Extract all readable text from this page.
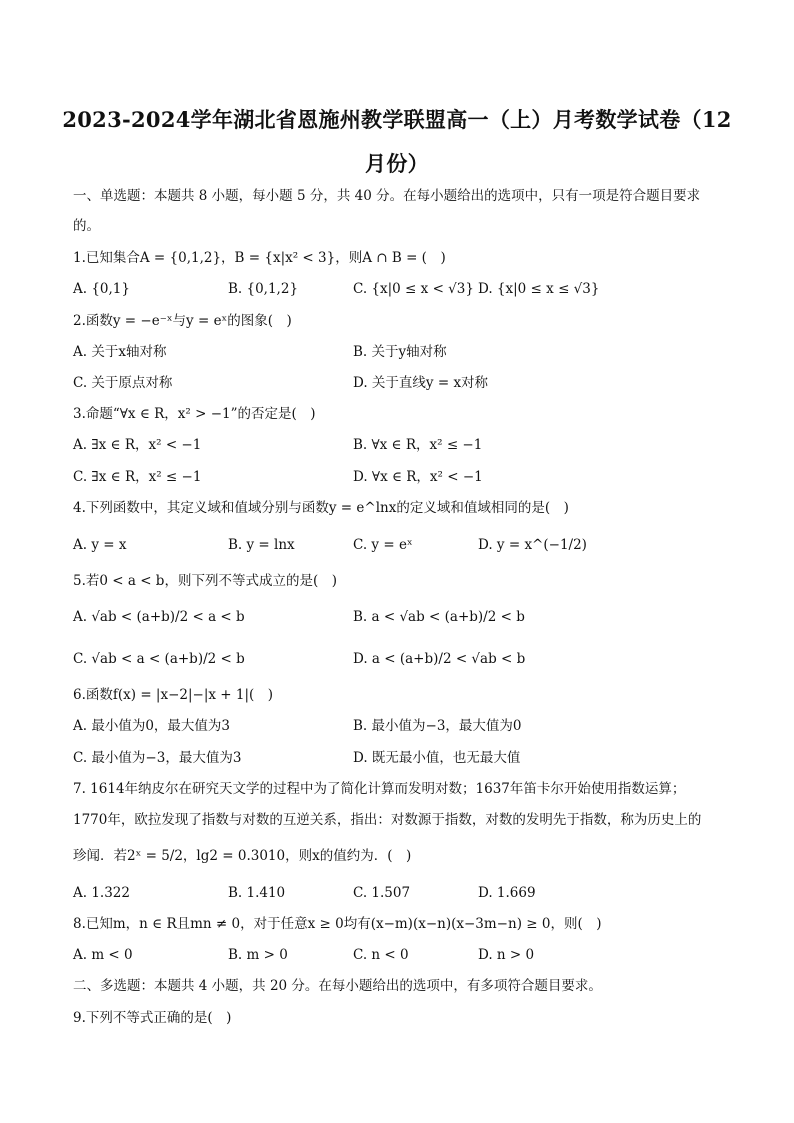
2023-2024学年湖北省恩施州教学联盟高一（上）月考数学试卷（12
月份）
一、单选题：本题共 8 小题，每小题 5 分，共 40 分。在每小题给出的选项中，只有一项是符合题目要求
的。
1.已知集合A = {0,1,2}，B = {x|x² < 3}，则A ∩ B = (　)
A. {0,1}	B. {0,1,2}	C. {x|0 ≤ x < √3} D. {x|0 ≤ x ≤ √3}
2.函数y = −e⁻ˣ与y = eˣ的图象(　)
A. 关于x轴对称	B. 关于y轴对称
C. 关于原点对称	D. 关于直线y = x对称
3.命题“∀x ∈ R，x² > −1”的否定是(　)
A. ∃x ∈ R，x² < −1	B. ∀x ∈ R，x² ≤ −1
C. ∃x ∈ R，x² ≤ −1	D. ∀x ∈ R，x² < −1
4.下列函数中，其定义域和值域分别与函数y = e^lnx的定义域和值域相同的是(　)
A. y = x	B. y = lnx	C. y = eˣ	D. y = x^(−1/2)
5.若0 < a < b，则下列不等式成立的是(　)
A. √ab < (a+b)/2 < a < b	B. a < √ab < (a+b)/2 < b
C. √ab < a < (a+b)/2 < b	D. a < (a+b)/2 < √ab < b
6.函数f(x) = |x−2|−|x + 1|(　)
A. 最小值为0，最大值为3	B. 最小值为−3，最大值为0
C. 最小值为−3，最大值为3	D. 既无最小值，也无最大值
7. 1614年纳皮尔在研究天文学的过程中为了简化计算而发明对数；1637年笛卡尔开始使用指数运算；
1770年，欧拉发现了指数与对数的互逆关系，指出：对数源于指数，对数的发明先于指数，称为历史上的
珍闻．若2ˣ = 5/2，lg2 = 0.3010，则x的值约为．(　)
A. 1.322	B. 1.410	C. 1.507	D. 1.669
8.已知m，n ∈ R且mn ≠ 0，对于任意x ≥ 0均有(x−m)(x−n)(x−3m−n) ≥ 0，则(　)
A. m < 0	B. m > 0	C. n < 0	D. n > 0
二、多选题：本题共 4 小题，共 20 分。在每小题给出的选项中，有多项符合题目要求。
9.下列不等式正确的是(　)
